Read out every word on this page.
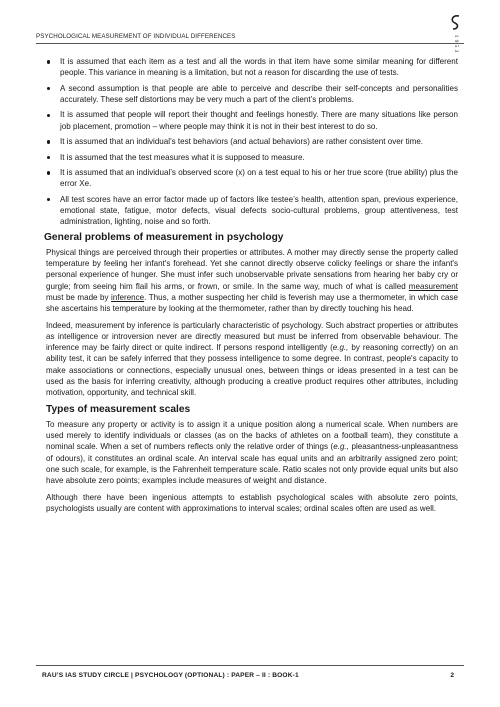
PSYCHOLOGICAL MEASUREMENT OF INDIVIDUAL DIFFERENCES	1
9
5
3
It is assumed that each item as a test and all the words in that item have some similar meaning for different people. This variance in meaning is a limitation, but not a reason for discarding the use of tests.
A second assumption is that people are able to perceive and describe their self-concepts and personalities accurately. These self distortions may be very much a part of the client’s problems.
It is assumed that people will report their thought and feelings honestly. There are many situations like person job placement, promotion – where people may think it is not in their best interest to do so.
It is assumed that an individual’s test behaviors (and actual behaviors) are rather consistent over time.
It is assumed that the test measures what it is supposed to measure.
It is assumed that an individual’s observed score (x) on a test equal to his or her true score (true ability) plus the error Xe.
All test scores have an error factor made up of factors like testee’s health, attention span, previous experience, emotional state, fatigue, motor defects, visual defects socio-cultural problems, group attentiveness, test administration, lighting, noise and so forth.
General problems of measurement in psychology

Physical things are perceived through their properties or attributes. A mother may directly sense the property called temperature by feeling her infant's forehead. Yet she cannot directly observe colicky feelings or share the infant's personal experience of hunger. She must infer such unobservable private sensations from hearing her baby cry or gurgle; from seeing him flail his arms, or frown, or smile. In the same way, much of what is called measurement must be made by inference. Thus, a mother suspecting her child is feverish may use a thermometer, in which case she ascertains his temperature by looking at the thermometer, rather than by directly touching his head.

Indeed, measurement by inference is particularly characteristic of psychology. Such abstract properties or attributes as intelligence or introversion never are directly measured but must be inferred from observable behaviour. The inference may be fairly direct or quite indirect. If persons respond intelligently (e.g., by reasoning correctly) on an ability test, it can be safely inferred that they possess intelligence to some degree. In contrast, people's capacity to make associations or connections, especially unusual ones, between things or ideas presented in a test can be used as the basis for inferring creativity, although producing a creative product requires other attributes, including motivation, opportunity, and technical skill.

Types of measurement scales

To measure any property or activity is to assign it a unique position along a numerical scale. When numbers are used merely to identify individuals or classes (as on the backs of athletes on a football team), they constitute a nominal scale. When a set of numbers reflects only the relative order of things (e.g., pleasantness-unpleasantness of odours), it constitutes an ordinal scale. An interval scale has equal units and an arbitrarily assigned zero point; one such scale, for example, is the Fahrenheit temperature scale. Ratio scales not only provide equal units but also have absolute zero points; examples include measures of weight and distance.

Although there have been ingenious attempts to establish psychological scales with absolute zero points, psychologists usually are content with approximations to interval scales; ordinal scales often are used as well.

RAU’S IAS STUDY CIRCLE | PSYCHOLOGY (OPTIONAL) : PAPER – II : BOOK-1	2
